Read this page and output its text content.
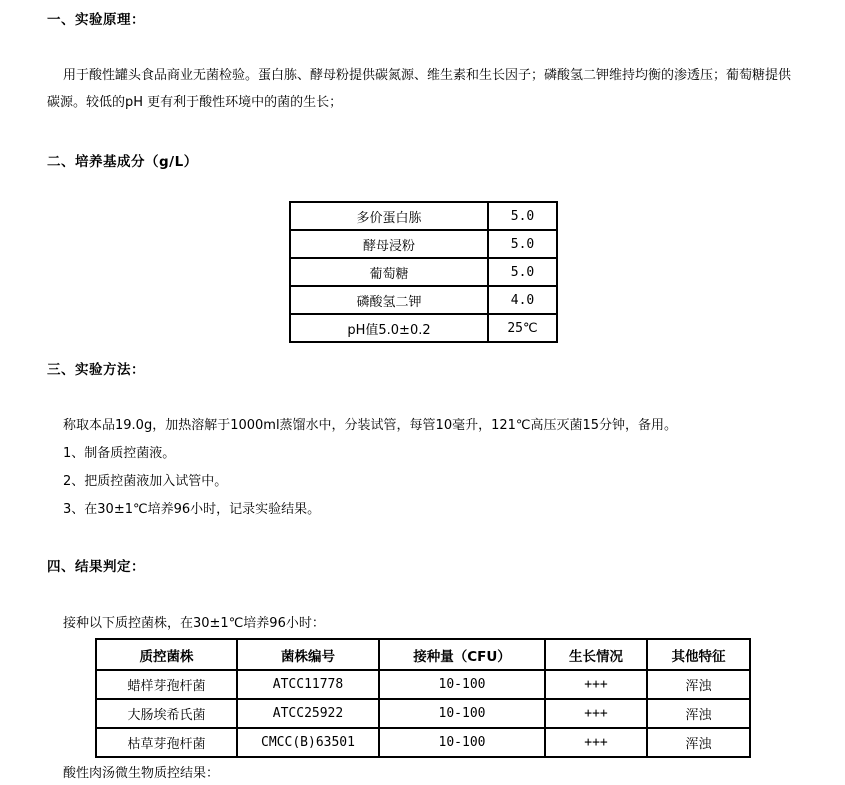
一、实验原理：
用于酸性罐头食品商业无菌检验。蛋白胨、酵母粉提供碳氮源、维生素和生长因子；磷酸氢二钾维持均衡的渗透压；葡萄糖提供碳源。较低的pH 更有利于酸性环境中的菌的生长；
二、培养基成分（g/L）
多价蛋白胨	5.0
酵母浸粉	5.0
葡萄糖	5.0
磷酸氢二钾	4.0
pH值5.0±0.2	25℃
三、实验方法：
称取本品19.0g，加热溶解于1000ml蒸馏水中，分装试管，每管10毫升，121℃高压灭菌15分钟，备用。
1、制备质控菌液。
2、把质控菌液加入试管中。
3、在30±1℃培养96小时，记录实验结果。
四、结果判定：
接种以下质控菌株，在30±1℃培养96小时：
质控菌株	菌株编号	接种量（CFU）	生长情况	其他特征
蜡样芽孢杆菌	ATCC11778	10-100	+++	浑浊
大肠埃希氏菌	ATCC25922	10-100	+++	浑浊
枯草芽孢杆菌	CMCC(B)63501	10-100	+++	浑浊
酸性肉汤微生物质控结果：
